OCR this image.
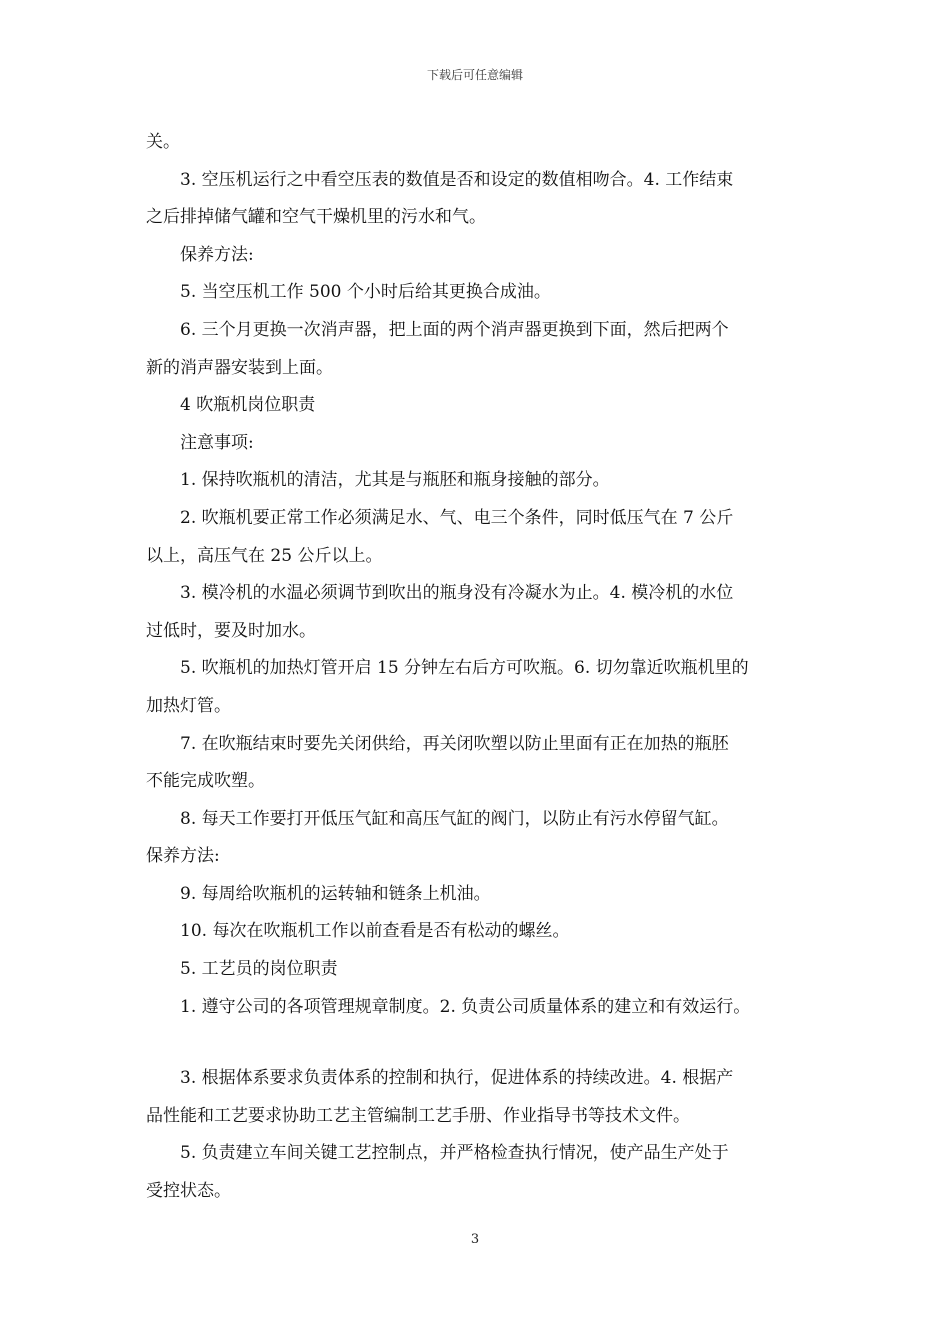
下载后可任意编辑

关。

3. 空压机运行之中看空压表的数值是否和设定的数值相吻合。4. 工作结束

之后排掉储气罐和空气干燥机里的污水和气。

保养方法:

5. 当空压机工作 500 个小时后给其更换合成油。

6. 三个月更换一次消声器，把上面的两个消声器更换到下面，然后把两个

新的消声器安装到上面。

4 吹瓶机岗位职责

注意事项:

1. 保持吹瓶机的清洁，尤其是与瓶胚和瓶身接触的部分。

2. 吹瓶机要正常工作必须满足水、气、电三个条件，同时低压气在 7 公斤

以上，高压气在 25 公斤以上。

3. 模冷机的水温必须调节到吹出的瓶身没有冷凝水为止。4. 模冷机的水位

过低时，要及时加水。

5. 吹瓶机的加热灯管开启 15 分钟左右后方可吹瓶。6. 切勿靠近吹瓶机里的

加热灯管。

7. 在吹瓶结束时要先关闭供给，再关闭吹塑以防止里面有正在加热的瓶胚

不能完成吹塑。

8. 每天工作要打开低压气缸和高压气缸的阀门，以防止有污水停留气缸。

保养方法:

9. 每周给吹瓶机的运转轴和链条上机油。

10. 每次在吹瓶机工作以前查看是否有松动的螺丝。

5. 工艺员的岗位职责

1. 遵守公司的各项管理规章制度。2. 负责公司质量体系的建立和有效运行。

3. 根据体系要求负责体系的控制和执行，促进体系的持续改进。4. 根据产

品性能和工艺要求协助工艺主管编制工艺手册、作业指导书等技术文件。

5. 负责建立车间关键工艺控制点，并严格检查执行情况，使产品生产处于

受控状态。

3
